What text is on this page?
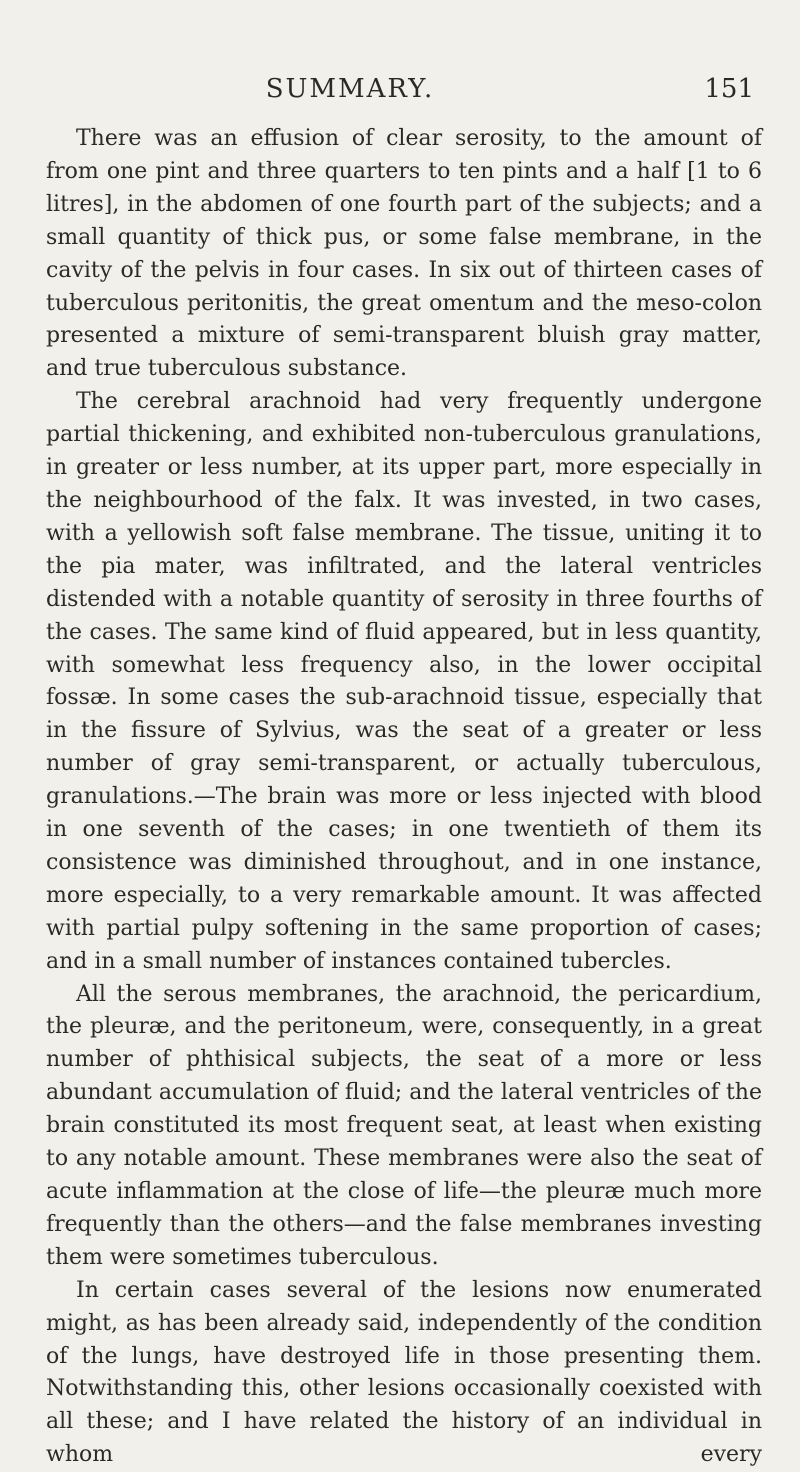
SUMMARY.	151

There was an effusion of clear serosity, to the amount of from one pint and three quarters to ten pints and a half [1 to 6 litres], in the abdomen of one fourth part of the subjects; and a small quantity of thick pus, or some false membrane, in the cavity of the pelvis in four cases. In six out of thirteen cases of tuberculous peritonitis, the great omentum and the meso-colon presented a mixture of semi-transparent bluish gray matter, and true tuberculous substance.

The cerebral arachnoid had very frequently undergone partial thickening, and exhibited non-tuberculous granulations, in greater or less number, at its upper part, more especially in the neighbourhood of the falx. It was invested, in two cases, with a yellowish soft false membrane. The tissue, uniting it to the pia mater, was infiltrated, and the lateral ventricles distended with a notable quantity of serosity in three fourths of the cases. The same kind of fluid appeared, but in less quantity, with somewhat less frequency also, in the lower occipital fossæ. In some cases the sub-arachnoid tissue, especially that in the fissure of Sylvius, was the seat of a greater or less number of gray semi-transparent, or actually tuberculous, granulations.—The brain was more or less injected with blood in one seventh of the cases; in one twentieth of them its consistence was diminished throughout, and in one instance, more especially, to a very remarkable amount. It was affected with partial pulpy softening in the same proportion of cases; and in a small number of instances contained tubercles.

All the serous membranes, the arachnoid, the pericardium, the pleuræ, and the peritoneum, were, consequently, in a great number of phthisical subjects, the seat of a more or less abundant accumulation of fluid; and the lateral ventricles of the brain constituted its most frequent seat, at least when existing to any notable amount. These membranes were also the seat of acute inflammation at the close of life—the pleuræ much more frequently than the others—and the false membranes investing them were sometimes tuberculous.

In certain cases several of the lesions now enumerated might, as has been already said, independently of the condition of the lungs, have destroyed life in those presenting them. Notwithstanding this, other lesions occasionally coexisted with all these; and I have related the history of an individual in whom every
